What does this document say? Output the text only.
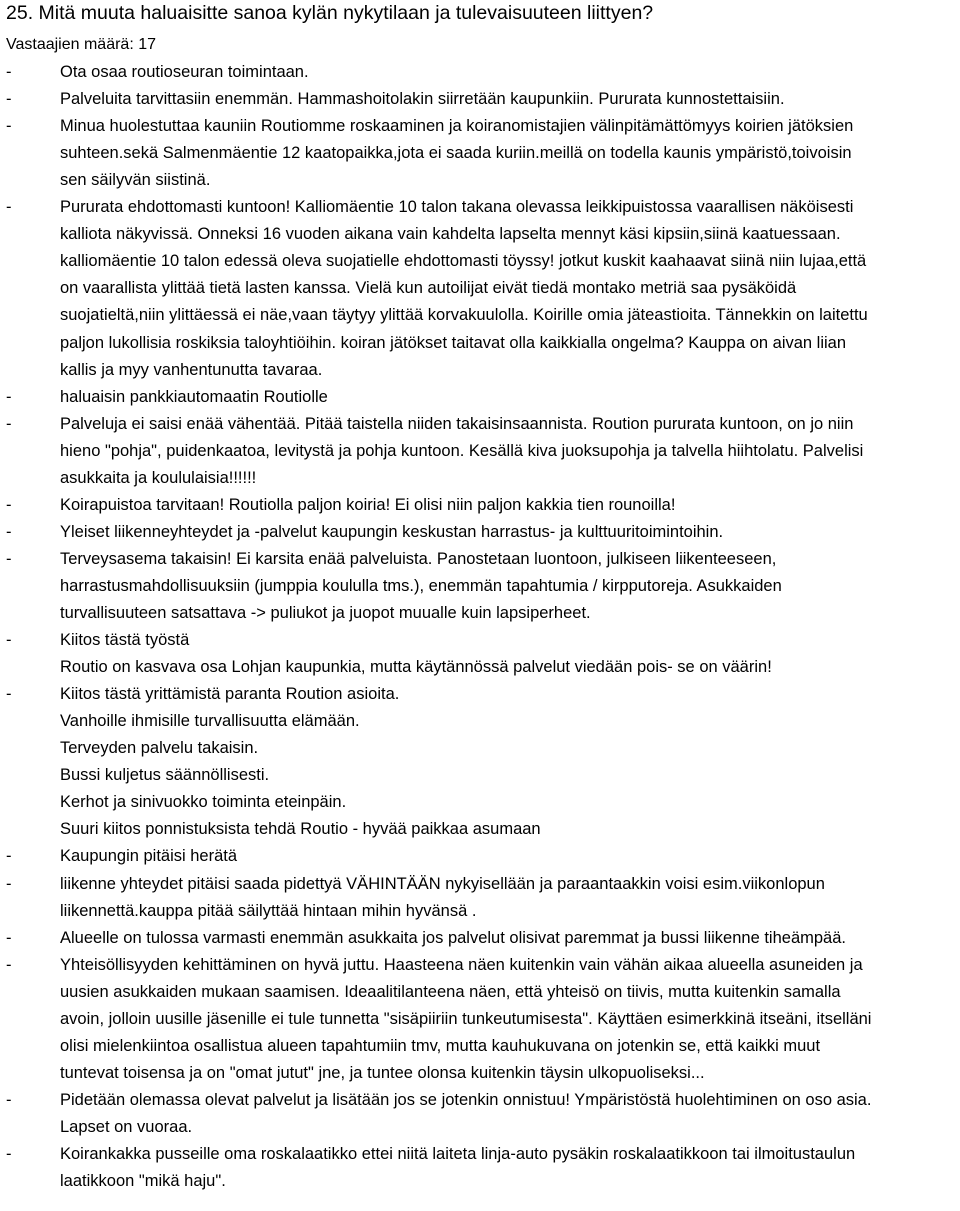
25. Mitä muuta haluaisitte sanoa kylän nykytilaan ja tulevaisuuteen liittyen?
Vastaajien määrä: 17
-	Ota osaa routioseuran toimintaan.
-	Palveluita tarvittasiin enemmän. Hammashoitolakin siirretään kaupunkiin. Pururata kunnostettaisiin.
-	Minua huolestuttaa kauniin Routiomme roskaaminen ja koiranomistajien välinpitämättömyys koirien jätöksien
suhteen.sekä Salmenmäentie 12 kaatopaikka,jota ei saada kuriin.meillä on todella kaunis ympäristö,toivoisin
sen säilyvän siistinä.
-	Pururata ehdottomasti kuntoon! Kalliomäentie 10 talon takana olevassa leikkipuistossa vaarallisen näköisesti
kalliota näkyvissä. Onneksi 16 vuoden aikana vain kahdelta lapselta mennyt käsi kipsiin,siinä kaatuessaan.
kalliomäentie 10 talon edessä oleva suojatielle ehdottomasti töyssy! jotkut kuskit kaahaavat siinä niin lujaa,että
on vaarallista ylittää tietä lasten kanssa. Vielä kun autoilijat eivät tiedä montako metriä saa pysäköidä
suojatieltä,niin ylittäessä ei näe,vaan täytyy ylittää korvakuulolla. Koirille omia jäteastioita. Tännekkin on laitettu
paljon lukollisia roskiksia taloyhtiöihin. koiran jätökset taitavat olla kaikkialla ongelma? Kauppa on aivan liian
kallis ja myy vanhentunutta tavaraa.
-	haluaisin pankkiautomaatin Routiolle
-	Palveluja ei saisi enää vähentää. Pitää taistella niiden takaisinsaannista. Roution pururata kuntoon, on jo niin
hieno "pohja", puidenkaatoa, levitystä ja pohja kuntoon. Kesällä kiva juoksupohja ja talvella hiihtolatu. Palvelisi
asukkaita ja koululaisia!!!!!!
-	Koirapuistoa tarvitaan! Routiolla paljon koiria! Ei olisi niin paljon kakkia tien rounoilla!
-	Yleiset liikenneyhteydet ja -palvelut kaupungin keskustan harrastus- ja kulttuuritoimintoihin.
-	Terveysasema takaisin! Ei karsita enää palveluista. Panostetaan luontoon, julkiseen liikenteeseen,
harrastusmahdollisuuksiin (jumppia koululla tms.), enemmän tapahtumia / kirpputoreja. Asukkaiden
turvallisuuteen satsattava -> puliukot ja juopot muualle kuin lapsiperheet.
-	Kiitos tästä työstä
Routio on kasvava osa Lohjan kaupunkia, mutta käytännössä palvelut viedään pois- se on väärin!
-	Kiitos tästä yrittämistä paranta Roution asioita.
Vanhoille ihmisille turvallisuutta elämään.
Terveyden palvelu takaisin.
Bussi kuljetus säännöllisesti.
Kerhot ja sinivuokko toiminta eteinpäin.
Suuri kiitos ponnistuksista tehdä Routio - hyvää paikkaa asumaan
-	Kaupungin pitäisi herätä
-	liikenne yhteydet pitäisi saada pidettyä VÄHINTÄÄN nykyisellään ja paraantaakkin voisi esim.viikonlopun
liikennettä.kauppa pitää säilyttää hintaan mihin hyvänsä .
-	Alueelle on tulossa varmasti enemmän asukkaita jos palvelut olisivat paremmat ja bussi liikenne tiheämpää.
-	Yhteisöllisyyden kehittäminen on hyvä juttu. Haasteena näen kuitenkin vain vähän aikaa alueella asuneiden ja
uusien asukkaiden mukaan saamisen. Ideaalitilanteena näen, että yhteisö on tiivis, mutta kuitenkin samalla
avoin, jolloin uusille jäsenille ei tule tunnetta "sisäpiiriin tunkeutumisesta". Käyttäen esimerkkinä itseäni, itselläni
olisi mielenkiintoa osallistua alueen tapahtumiin tmv, mutta kauhukuvana on jotenkin se, että kaikki muut
tuntevat toisensa ja on "omat jutut" jne, ja tuntee olonsa kuitenkin täysin ulkopuoliseksi...
-	Pidetään olemassa olevat palvelut ja lisätään jos se jotenkin onnistuu! Ympäristöstä huolehtiminen on oso asia.
Lapset on vuoraa.
-	Koirankakka pusseille oma roskalaatikko ettei niitä laiteta linja-auto pysäkin roskalaatikkoon tai ilmoitustaulun
laatikkoon "mikä haju".
